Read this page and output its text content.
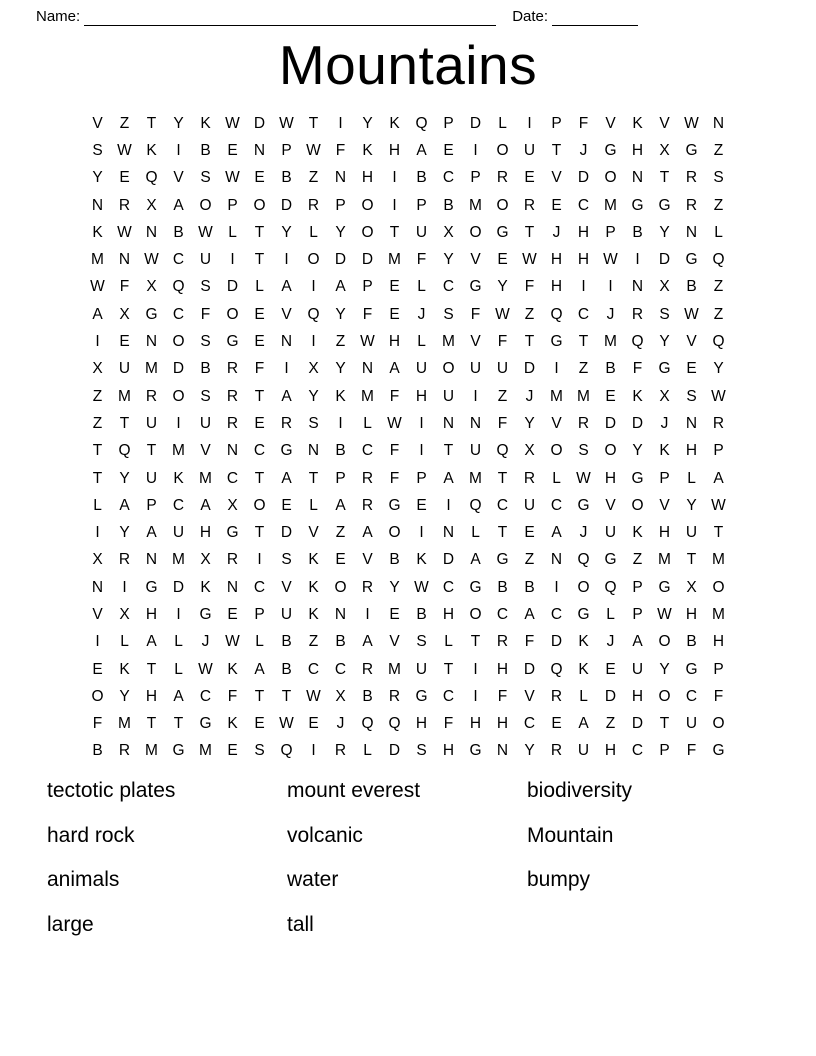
Name:	Date:
Mountains
V	Z	T	Y	K W D W T	I	Y	K	Q	P	D	L	I	P	F	V	K	V W N
S W K	I	B	E	N	P W F	K	H	A	E	I	O U	T	J	G H	X	G	Z
Y	E	Q	V	S W E	B	Z	N	H	I	B	C	P	R	E	V	D O N	T	R	S
N	R	X	A	O	P	O D	R	P	O	I	P	B M O R	E	C M G G R	Z
K W N	B W L	T	Y	L	Y	O	T	U	X	O G	T	J	H	P	B	Y	N	L
M N W C	U	I	T	I	O D	D M	F	Y	V	E W H	H W	I	D G Q
W F	X	Q	S	D	L	A	I	A	P	E	L	C G	Y	F	H	I	I	N	X	B	Z
A	X	G C	F	O	E	V	Q	Y	F	E	J	S	F W Z	Q C	J	R	S W Z
I	E	N O	S	G	E	N	I	Z W H	L	M V	F	T	G	T	M Q	Y	V	Q
X	U M D	B	R	F	I	X	Y	N	A	U O U	U	D	I	Z	B	F	G	E	Y
Z	M R O	S	R	T	A	Y	K M	F	H	U	I	Z	J	M M E	K	X	S W
Z	T	U	I	U	R	E	R	S	I	L W	I	N	N	F	Y	V	R	D	D	J	N	R
T	Q	T	M V	N	C G N	B	C	F	I	T	U Q	X	O	S	O	Y	K	H	P
T	Y	U	K M C	T	A	T	P	R	F	P	A M	T	R	L W H G	P	L	A
L	A	P	C	A	X	O	E	L	A	R G	E	I	Q C	U	C G	V	O	V	Y W
I	Y	A	U	H G	T	D	V	Z	A	O	I	N	L	T	E	A	J	U	K	H	U	T
X	R	N M X	R	I	S	K	E	V	B	K	D	A	G	Z	N Q G	Z	M	T	M
N	I	G D	K	N	C	V	K	O R	Y W C G	B	B	I	O Q	P	G	X	O
V	X	H	I	G	E	P	U	K	N	I	E	B	H O C	A	C G	L	P W H M
I	L	A	L	J	W L	B	Z	B	A	V	S	L	T	R	F	D	K	J	A	O	B	H
E	K	T	L W K	A	B	C	C	R M U	T	I	H	D Q	K	E	U	Y	G	P
O	Y	H	A	C	F	T	T W X	B	R G C	I	F	V	R	L	D	H O C	F
F	M	T	T	G	K	E W E	J	Q Q H	F	H	H	C	E	A	Z	D	T	U O
B	R M G M E	S	Q	I	R	L	D	S	H G N	Y	R	U	H	C	P	F	G
tectotic plates	mount everest	biodiversity
hard rock	volcanic	Mountain
animals	water	bumpy
large	tall
